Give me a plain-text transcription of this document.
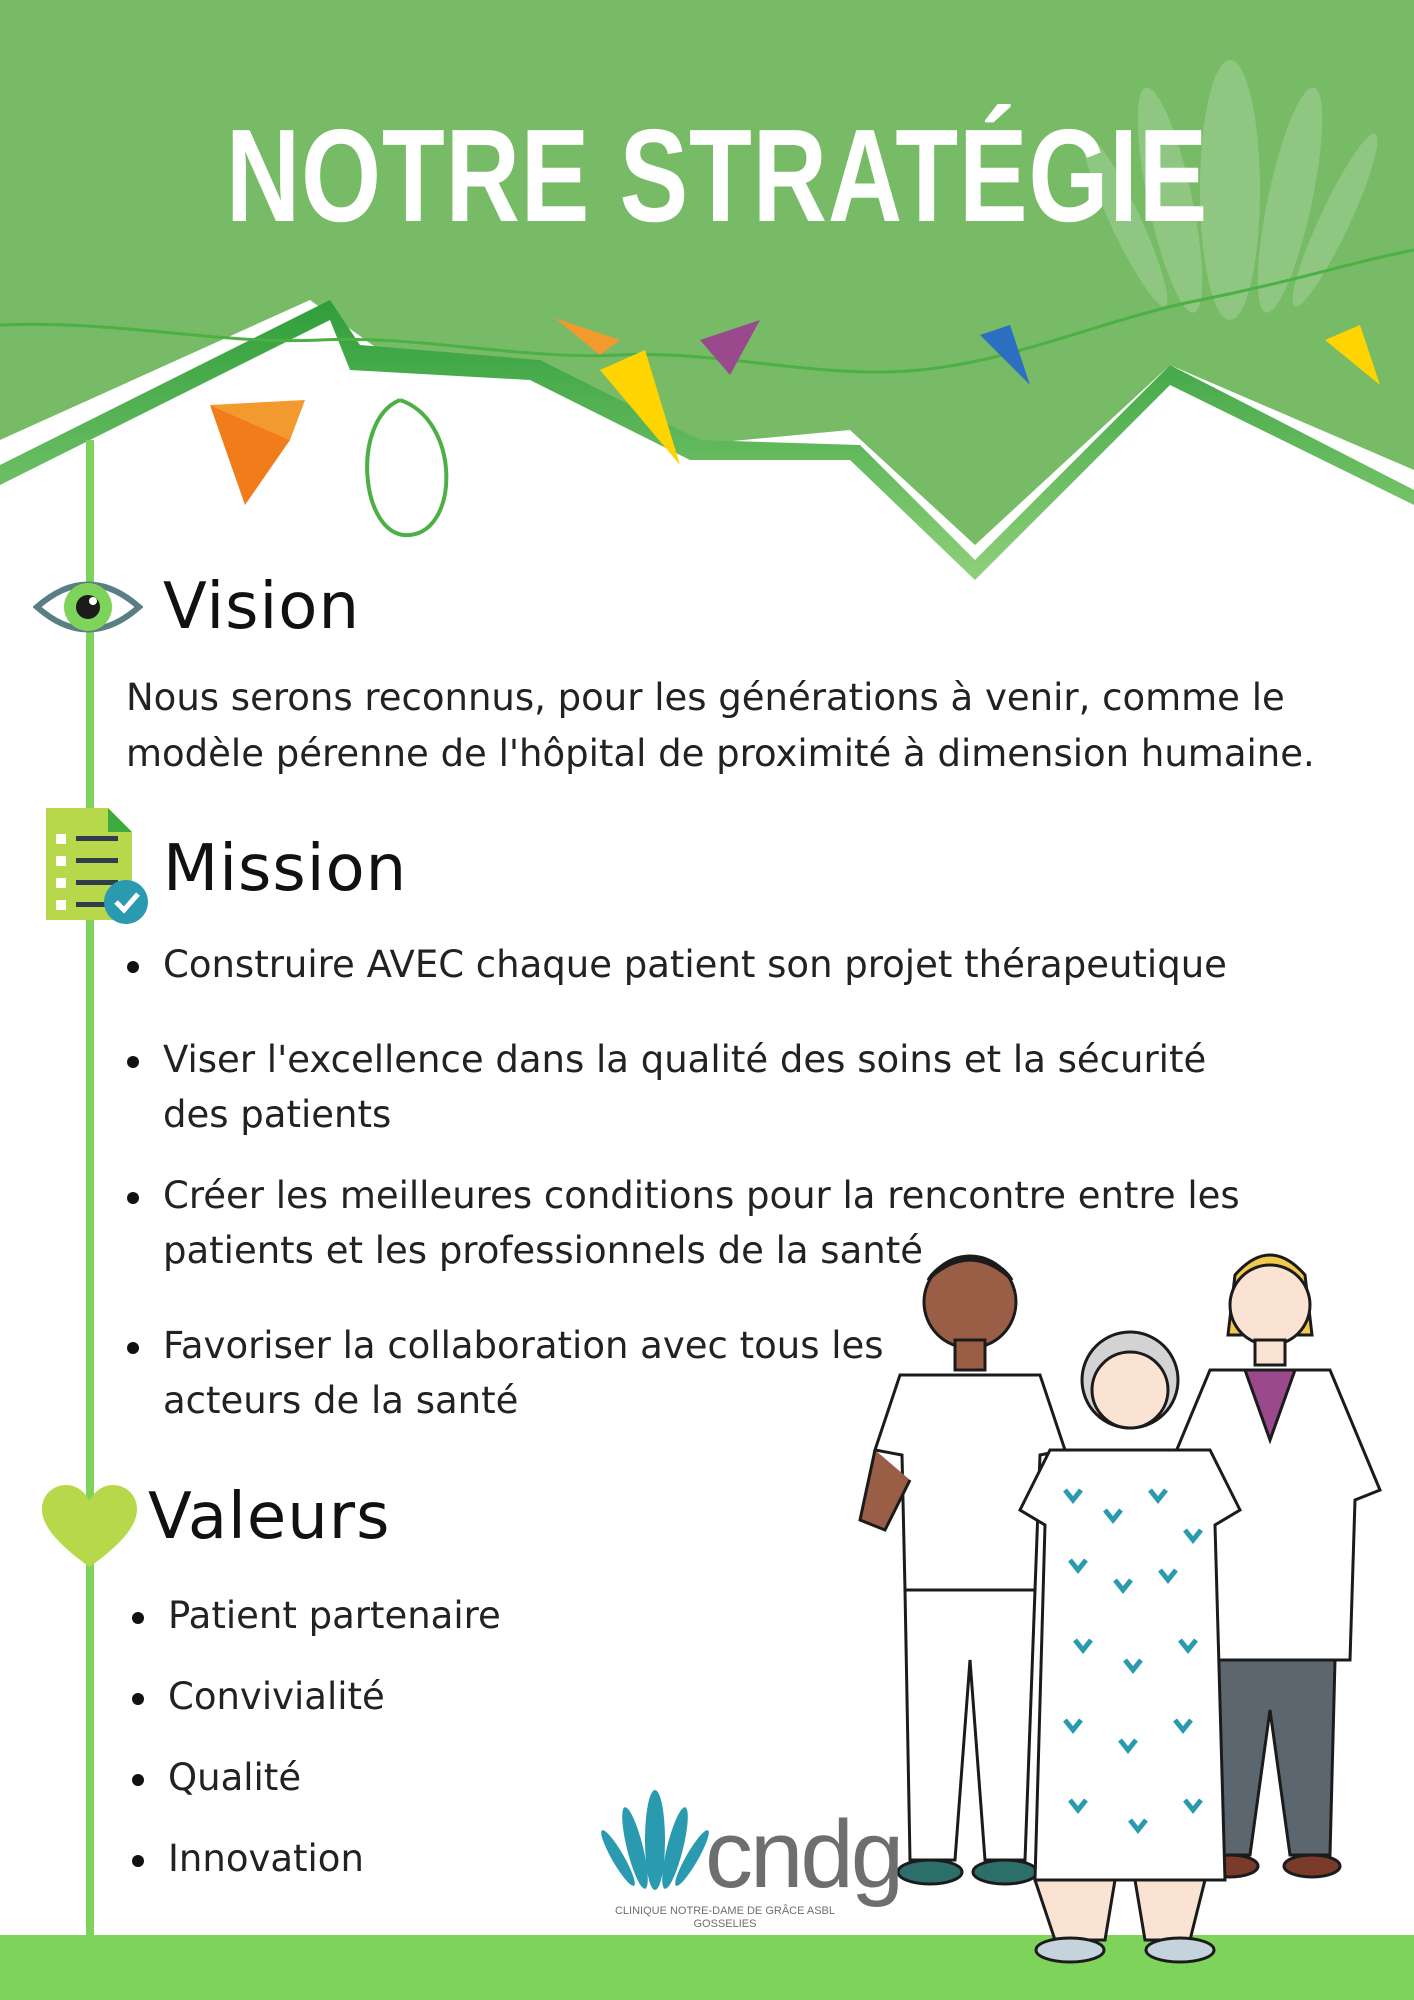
NOTRE STRATÉGIE
Vision
Nous serons reconnus, pour les générations à venir, comme le modèle pérenne de l'hôpital de proximité à dimension humaine.
Mission
Construire AVEC chaque patient son projet thérapeutique
Viser l'excellence dans la qualité des soins et la sécurité des patients
Créer les meilleures conditions pour la rencontre entre les patients et les professionnels de la santé
Favoriser la collaboration avec tous les acteurs de la santé
Valeurs
Patient partenaire
Convivialité
Qualité
Innovation	cndg
CLINIQUE NOTRE-DAME DE GRÂCE ASBL
GOSSELIES
